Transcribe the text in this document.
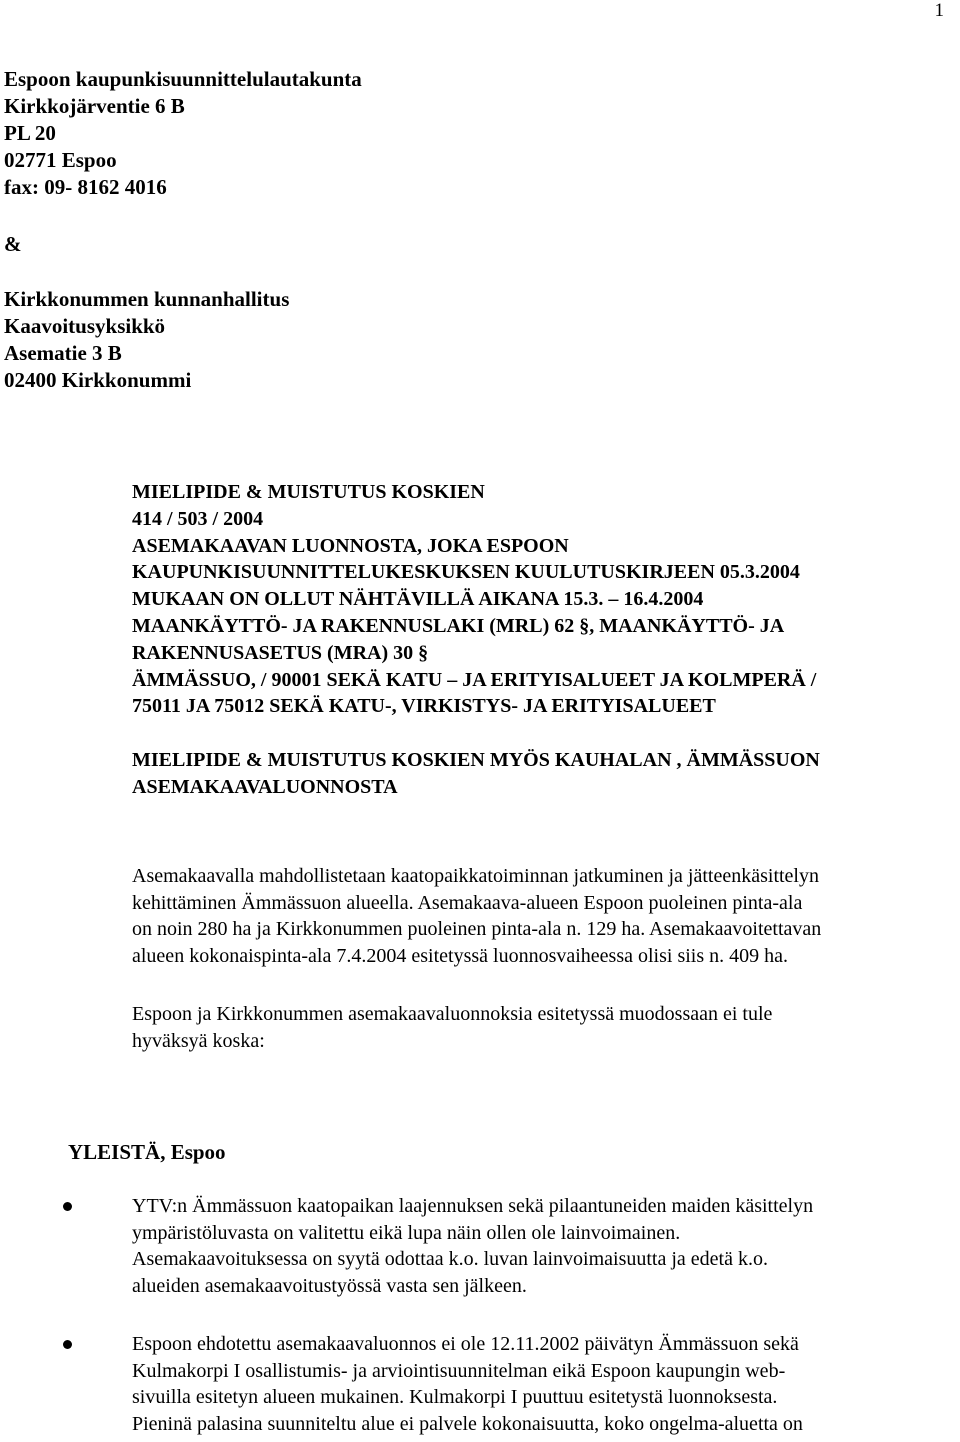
1
Espoon kaupunkisuunnittelulautakunta
Kirkkojärventie 6 B
PL 20
02771 Espoo
fax: 09- 8162 4016
&
Kirkkonummen kunnanhallitus
Kaavoitusyksikkö
Asematie 3 B
02400 Kirkkonummi
MIELIPIDE & MUISTUTUS KOSKIEN
414 / 503 / 2004
ASEMAKAAVAN LUONNOSTA, JOKA ESPOON
KAUPUNKISUUNNITTELUKESKUKSEN KUULUTUSKIRJEEN 05.3.2004
MUKAAN ON OLLUT NÄHTÄVILLÄ AIKANA 15.3. – 16.4.2004
MAANKÄYTTÖ- JA RAKENNUSLAKI (MRL) 62 §, MAANKÄYTTÖ- JA
RAKENNUSASETUS (MRA) 30 §
ÄMMÄSSUO, / 90001 SEKÄ KATU – JA ERITYISALUEET JA KOLMPERÄ /
75011 JA 75012 SEKÄ KATU-, VIRKISTYS- JA ERITYISALUEET
MIELIPIDE & MUISTUTUS KOSKIEN MYÖS KAUHALAN , ÄMMÄSSUON
ASEMAKAAVALUONNOSTA
Asemakaavalla mahdollistetaan kaatopaikkatoiminnan jatkuminen ja jätteenkäsittelyn
kehittäminen Ämmässuon alueella. Asemakaava-alueen Espoon puoleinen pinta-ala
on noin 280 ha ja Kirkkonummen puoleinen pinta-ala n. 129 ha. Asemakaavoitettavan
alueen kokonaispinta-ala 7.4.2004 esitetyssä luonnosvaiheessa olisi siis n. 409 ha.
Espoon ja Kirkkonummen asemakaavaluonnoksia esitetyssä muodossaan ei tule
hyväksyä koska:
YLEISTÄ, Espoo
YTV:n Ämmässuon kaatopaikan laajennuksen sekä pilaantuneiden maiden käsittelyn
ympäristöluvasta on valitettu eikä lupa näin ollen ole lainvoimainen.
Asemakaavoituksessa on syytä odottaa k.o. luvan lainvoimaisuutta ja edetä k.o.
alueiden asemakaavoitustyössä vasta sen jälkeen.
Espoon ehdotettu asemakaavaluonnos ei ole 12.11.2002 päivätyn Ämmässuon sekä
Kulmakorpi I osallistumis- ja arviointisuunnitelman eikä Espoon kaupungin web-
sivuilla esitetyn alueen mukainen. Kulmakorpi I puuttuu esitetystä luonnoksesta.
Pieninä palasina suunniteltu alue ei palvele kokonaisuutta, koko ongelma-aluetta on
